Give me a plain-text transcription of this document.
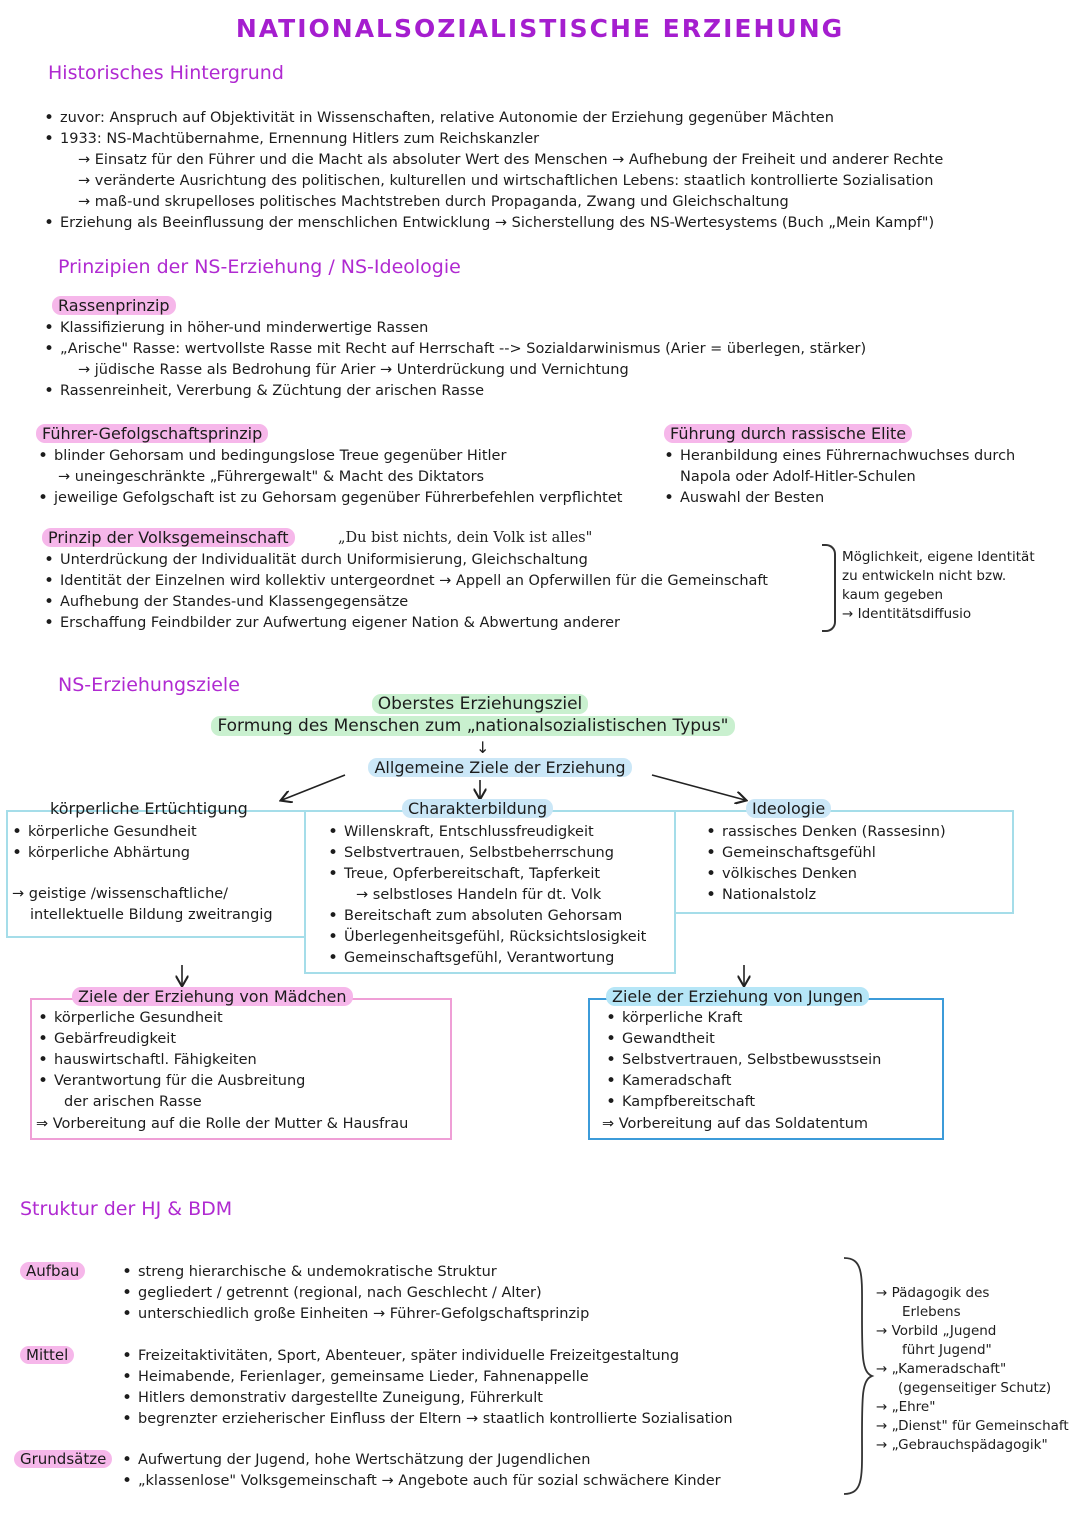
NATIONALSOZIALISTISCHE ERZIEHUNG
Historisches Hintergrund
• zuvor: Anspruch auf Objektivität in Wissenschaften, relative Autonomie der Erziehung gegenüber Mächten
• 1933: NS-Machtübernahme, Ernennung Hitlers zum Reichskanzler
→ Einsatz für den Führer und die Macht als absoluter Wert des Menschen → Aufhebung der Freiheit und anderer Rechte
→ veränderte Ausrichtung des politischen, kulturellen und wirtschaftlichen Lebens: staatlich kontrollierte Sozialisation
→ maß-und skrupelloses politisches Machtstreben durch Propaganda, Zwang und Gleichschaltung
• Erziehung als Beeinflussung der menschlichen Entwicklung → Sicherstellung des NS-Wertesystems (Buch „Mein Kampf")
Prinzipien der NS-Erziehung / NS-Ideologie
Rassenprinzip
• Klassifizierung in höher-und minderwertige Rassen
• „Arische" Rasse: wertvollste Rasse mit Recht auf Herrschaft --> Sozialdarwinismus (Arier = überlegen, stärker)
→ jüdische Rasse als Bedrohung für Arier → Unterdrückung und Vernichtung
• Rassenreinheit, Vererbung & Züchtung der arischen Rasse
Führer-Gefolgschaftsprinzip
• blinder Gehorsam und bedingungslose Treue gegenüber Hitler
→ uneingeschränkte „Führergewalt" & Macht des Diktators
• jeweilige Gefolgschaft ist zu Gehorsam gegenüber Führerbefehlen verpflichtet
Führung durch rassische Elite
• Heranbildung eines Führernachwuchses durch
Napola oder Adolf-Hitler-Schulen
• Auswahl der Besten
Prinzip der Volksgemeinschaft	„Du bist nichts, dein Volk ist alles"
• Unterdrückung der Individualität durch Uniformisierung, Gleichschaltung
• Identität der Einzelnen wird kollektiv untergeordnet → Appell an Opferwillen für die Gemeinschaft
• Aufhebung der Standes-und Klassengegensätze
• Erschaffung Feindbilder zur Aufwertung eigener Nation & Abwertung anderer
Möglichkeit, eigene Identität
zu entwickeln nicht bzw.
kaum gegeben
→ Identitätsdiffusio
NS-Erziehungsziele
Oberstes Erziehungsziel
Formung des Menschen zum „nationalsozialistischen Typus"
↓
Allgemeine Ziele der Erziehung
körperliche Ertüchtigung
• körperliche Gesundheit
• körperliche Abhärtung
→ geistige /wissenschaftliche/
intellektuelle Bildung zweitrangig
Charakterbildung
• Willenskraft, Entschlussfreudigkeit
• Selbstvertrauen, Selbstbeherrschung
• Treue, Opferbereitschaft, Tapferkeit
→ selbstloses Handeln für dt. Volk
• Bereitschaft zum absoluten Gehorsam
• Überlegenheitsgefühl, Rücksichtslosigkeit
• Gemeinschaftsgefühl, Verantwortung
Ideologie
• rassisches Denken (Rassesinn)
• Gemeinschaftsgefühl
• völkisches Denken
• Nationalstolz
Ziele der Erziehung von Mädchen
• körperliche Gesundheit
• Gebärfreudigkeit
• hauswirtschaftl. Fähigkeiten
• Verantwortung für die Ausbreitung
der arischen Rasse
⇒ Vorbereitung auf die Rolle der Mutter & Hausfrau
Ziele der Erziehung von Jungen
• körperliche Kraft
• Gewandtheit
• Selbstvertrauen, Selbstbewusstsein
• Kameradschaft
• Kampfbereitschaft
⇒ Vorbereitung auf das Soldatentum
Struktur der HJ & BDM
Aufbau	• streng hierarchische & undemokratische Struktur
• gegliedert / getrennt (regional, nach Geschlecht / Alter)
• unterschiedlich große Einheiten → Führer-Gefolgschaftsprinzip
Mittel	• Freizeitaktivitäten, Sport, Abenteuer, später individuelle Freizeitgestaltung
• Heimabende, Ferienlager, gemeinsame Lieder, Fahnenappelle
• Hitlers demonstrativ dargestellte Zuneigung, Führerkult
• begrenzter erzieherischer Einfluss der Eltern → staatlich kontrollierte Sozialisation
Grundsätze	• Aufwertung der Jugend, hohe Wertschätzung der Jugendlichen
• „klassenlose" Volksgemeinschaft → Angebote auch für sozial schwächere Kinder
→ Pädagogik des
Erlebens
→ Vorbild „Jugend
führt Jugend"
→ „Kameradschaft"
(gegenseitiger Schutz)
→ „Ehre"
→ „Dienst" für Gemeinschaft
→ „Gebrauchspädagogik"
